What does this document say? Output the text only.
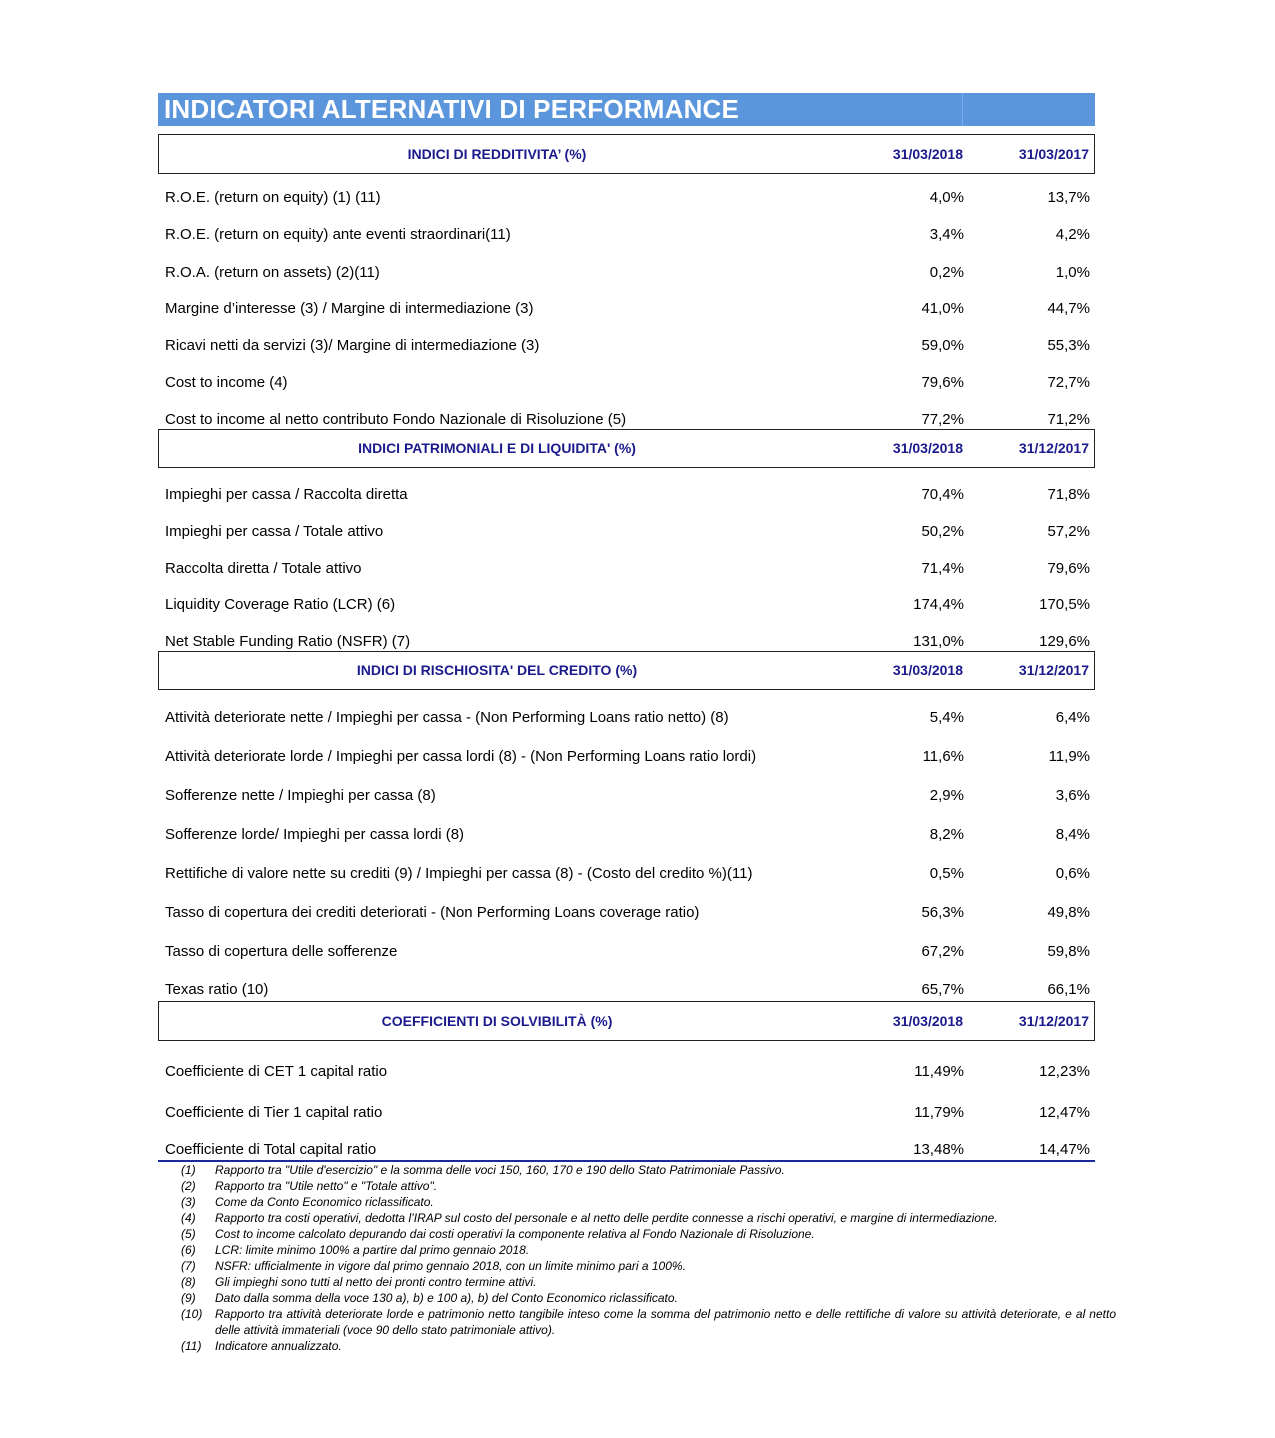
INDICATORI ALTERNATIVI DI PERFORMANCE
INDICI DI REDDITIVITA’ (%)	31/03/2018	31/03/2017
R.O.E. (return on equity) (1) (11)	4,0%	13,7%
R.O.E. (return on equity) ante eventi straordinari(11)	3,4%	4,2%
R.O.A. (return on assets) (2)(11)	0,2%	1,0%
Margine d’interesse (3) / Margine di intermediazione (3)	41,0%	44,7%
Ricavi netti da servizi (3)/ Margine di intermediazione (3)	59,0%	55,3%
Cost to income (4)	79,6%	72,7%
Cost to income al netto contributo Fondo Nazionale di Risoluzione (5)	77,2%	71,2%
INDICI PATRIMONIALI E DI LIQUIDITA' (%)	31/03/2018	31/12/2017
Impieghi per cassa / Raccolta diretta	70,4%	71,8%
Impieghi per cassa / Totale attivo	50,2%	57,2%
Raccolta diretta / Totale attivo	71,4%	79,6%
Liquidity Coverage Ratio (LCR) (6)	174,4%	170,5%
Net Stable Funding Ratio (NSFR) (7)	131,0%	129,6%
INDICI DI RISCHIOSITA' DEL CREDITO (%)	31/03/2018	31/12/2017
Attività deteriorate nette / Impieghi per cassa - (Non Performing Loans ratio netto) (8)	5,4%	6,4%
Attività deteriorate lorde / Impieghi per cassa lordi (8) - (Non Performing Loans ratio lordi)	11,6%	11,9%
Sofferenze nette / Impieghi per cassa (8)	2,9%	3,6%
Sofferenze lorde/ Impieghi per cassa lordi (8)	8,2%	8,4%
Rettifiche di valore nette su crediti (9) / Impieghi per cassa (8) - (Costo del credito %)(11)	0,5%	0,6%
Tasso di copertura dei crediti deteriorati - (Non Performing Loans coverage ratio)	56,3%	49,8%
Tasso di copertura delle sofferenze	67,2%	59,8%
Texas ratio (10)	65,7%	66,1%
COEFFICIENTI DI SOLVIBILITÀ (%)	31/03/2018	31/12/2017
Coefficiente di CET 1 capital ratio	11,49%	12,23%
Coefficiente di Tier 1 capital ratio	11,79%	12,47%
Coefficiente di Total capital ratio	13,48%	14,47%
(1)	Rapporto tra "Utile d'esercizio" e la somma delle voci 150, 160, 170 e 190 dello Stato Patrimoniale Passivo.
(2)	Rapporto tra "Utile netto" e "Totale attivo".
(3)	Come da Conto Economico riclassificato.
(4)	Rapporto tra costi operativi, dedotta l’IRAP sul costo del personale e al netto delle perdite connesse a rischi operativi, e margine di intermediazione.
(5)	Cost to income calcolato depurando dai costi operativi la componente relativa al Fondo Nazionale di Risoluzione.
(6)	LCR: limite minimo 100% a partire dal primo gennaio 2018.
(7)	NSFR: ufficialmente in vigore dal primo gennaio 2018, con un limite minimo pari a 100%.
(8)	Gli impieghi sono tutti al netto dei pronti contro termine attivi.
(9)	Dato dalla somma della voce 130 a), b) e 100 a), b) del Conto Economico riclassificato.
(10)	Rapporto tra attività deteriorate lorde e patrimonio netto tangibile inteso come la somma del patrimonio netto e delle rettifiche di valore su attività deteriorate, e al netto delle attività immateriali (voce 90 dello stato patrimoniale attivo).
(11)	Indicatore annualizzato.
